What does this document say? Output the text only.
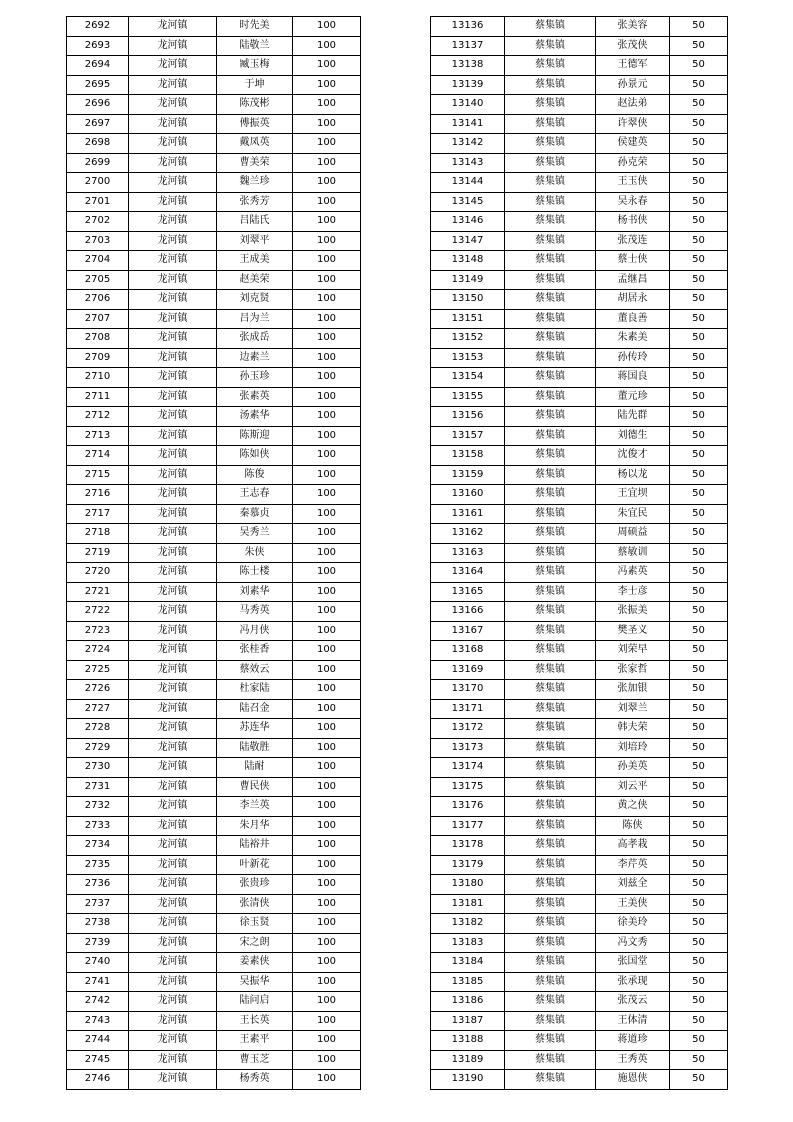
2692	龙河镇	时先美	100
2693	龙河镇	陆敬兰	100
2694	龙河镇	臧玉梅	100
2695	龙河镇	于坤	100
2696	龙河镇	陈茂彬	100
2697	龙河镇	傅振英	100
2698	龙河镇	戴凤英	100
2699	龙河镇	曹美荣	100
2700	龙河镇	魏兰珍	100
2701	龙河镇	张秀芳	100
2702	龙河镇	吕陆氏	100
2703	龙河镇	刘翠平	100
2704	龙河镇	王成美	100
2705	龙河镇	赵美荣	100
2706	龙河镇	刘克贤	100
2707	龙河镇	吕为兰	100
2708	龙河镇	张成岳	100
2709	龙河镇	边素兰	100
2710	龙河镇	孙玉珍	100
2711	龙河镇	张素英	100
2712	龙河镇	汤素华	100
2713	龙河镇	陈斯迎	100
2714	龙河镇	陈如侠	100
2715	龙河镇	陈俊	100
2716	龙河镇	王志春	100
2717	龙河镇	秦慕贞	100
2718	龙河镇	吴秀兰	100
2719	龙河镇	朱侠	100
2720	龙河镇	陈士楼	100
2721	龙河镇	刘素华	100
2722	龙河镇	马秀英	100
2723	龙河镇	冯月侠	100
2724	龙河镇	张桂香	100
2725	龙河镇	蔡效云	100
2726	龙河镇	杜家陆	100
2727	龙河镇	陆召金	100
2728	龙河镇	苏连华	100
2729	龙河镇	陆敬胜	100
2730	龙河镇	陆耐	100
2731	龙河镇	曹民侠	100
2732	龙河镇	李兰英	100
2733	龙河镇	朱月华	100
2734	龙河镇	陆裕井	100
2735	龙河镇	叶新花	100
2736	龙河镇	张贵珍	100
2737	龙河镇	张清侠	100
2738	龙河镇	徐玉贤	100
2739	龙河镇	宋之朗	100
2740	龙河镇	姜素侠	100
2741	龙河镇	吴振华	100
2742	龙河镇	陆问启	100
2743	龙河镇	王长英	100
2744	龙河镇	王素平	100
2745	龙河镇	曹玉芝	100
2746	龙河镇	杨秀英	100
13136	蔡集镇	张美容	50
13137	蔡集镇	张茂侠	50
13138	蔡集镇	王德军	50
13139	蔡集镇	孙景元	50
13140	蔡集镇	赵法弟	50
13141	蔡集镇	许翠侠	50
13142	蔡集镇	侯建英	50
13143	蔡集镇	孙克荣	50
13144	蔡集镇	王玉侠	50
13145	蔡集镇	吴永春	50
13146	蔡集镇	杨书侠	50
13147	蔡集镇	张茂连	50
13148	蔡集镇	蔡士侠	50
13149	蔡集镇	孟继昌	50
13150	蔡集镇	胡居永	50
13151	蔡集镇	董良善	50
13152	蔡集镇	朱素美	50
13153	蔡集镇	孙传玲	50
13154	蔡集镇	蒋国良	50
13155	蔡集镇	董元珍	50
13156	蔡集镇	陆先群	50
13157	蔡集镇	刘德生	50
13158	蔡集镇	沈俊才	50
13159	蔡集镇	杨以龙	50
13160	蔡集镇	王宜坝	50
13161	蔡集镇	朱宜民	50
13162	蔡集镇	周硕益	50
13163	蔡集镇	蔡敏训	50
13164	蔡集镇	冯素英	50
13165	蔡集镇	李士彦	50
13166	蔡集镇	张振美	50
13167	蔡集镇	樊圣义	50
13168	蔡集镇	刘荣早	50
13169	蔡集镇	张家哲	50
13170	蔡集镇	张加银	50
13171	蔡集镇	刘翠兰	50
13172	蔡集镇	韩夫荣	50
13173	蔡集镇	刘培玲	50
13174	蔡集镇	孙美英	50
13175	蔡集镇	刘云平	50
13176	蔡集镇	黄之侠	50
13177	蔡集镇	陈侠	50
13178	蔡集镇	高孝栽	50
13179	蔡集镇	李芹英	50
13180	蔡集镇	刘兹全	50
13181	蔡集镇	王美侠	50
13182	蔡集镇	徐美玲	50
13183	蔡集镇	冯文秀	50
13184	蔡集镇	张国堂	50
13185	蔡集镇	张承现	50
13186	蔡集镇	张茂云	50
13187	蔡集镇	王体清	50
13188	蔡集镇	蒋道珍	50
13189	蔡集镇	王秀英	50
13190	蔡集镇	施恩侠	50
